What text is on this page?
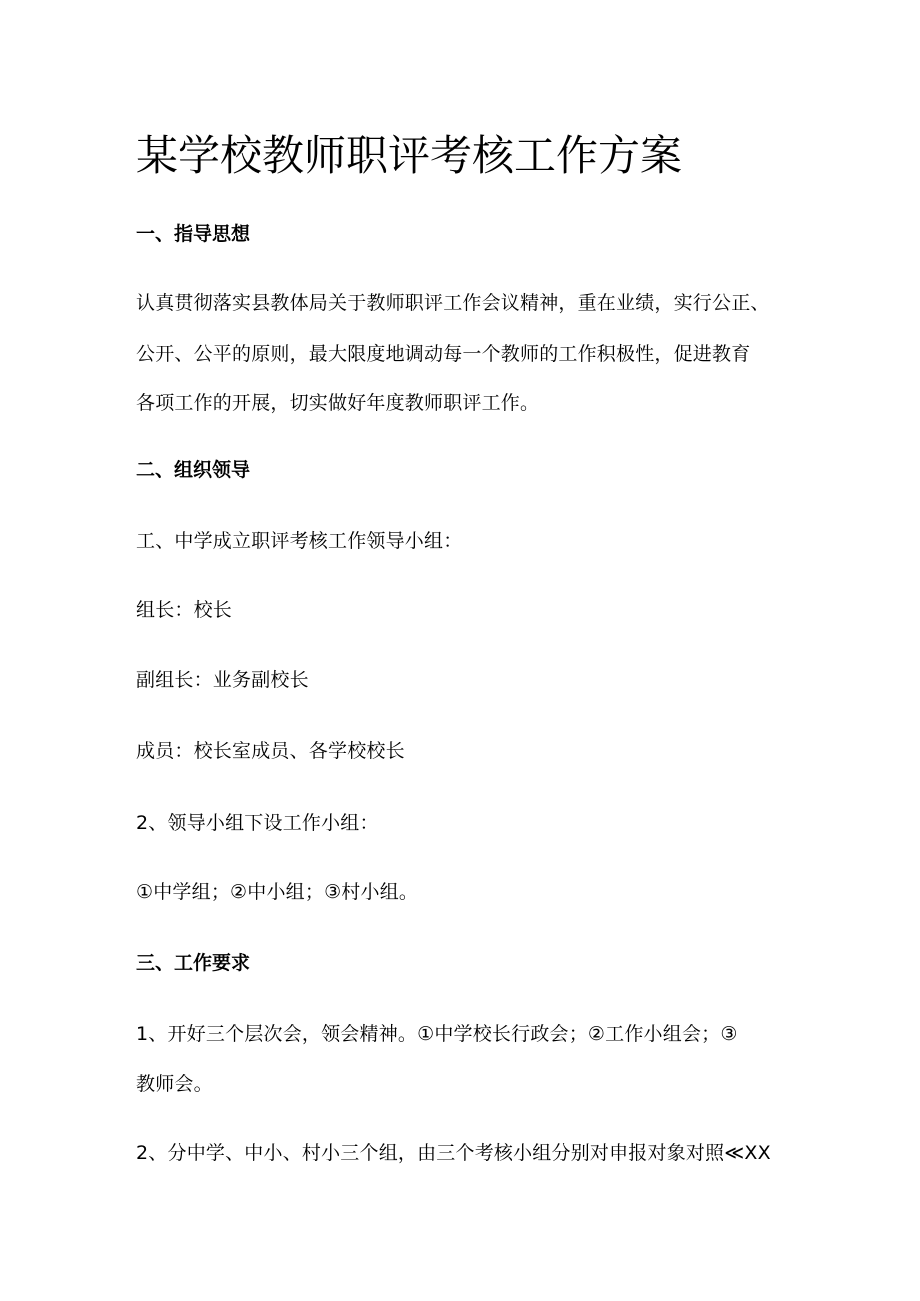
某学校教师职评考核工作方案
一、指导思想
认真贯彻落实县教体局关于教师职评工作会议精神，重在业绩，实行公正、
公开、公平的原则，最大限度地调动每一个教师的工作积极性，促进教育
各项工作的开展，切实做好年度教师职评工作。
二、组织领导
工、中学成立职评考核工作领导小组：
组长：校长
副组长：业务副校长
成员：校长室成员、各学校校长
2、领导小组下设工作小组：
①中学组；②中小组；③村小组。
三、工作要求
1、开好三个层次会，领会精神。①中学校长行政会；②工作小组会；③
教师会。
2、分中学、中小、村小三个组，由三个考核小组分别对申报对象对照≪XX
